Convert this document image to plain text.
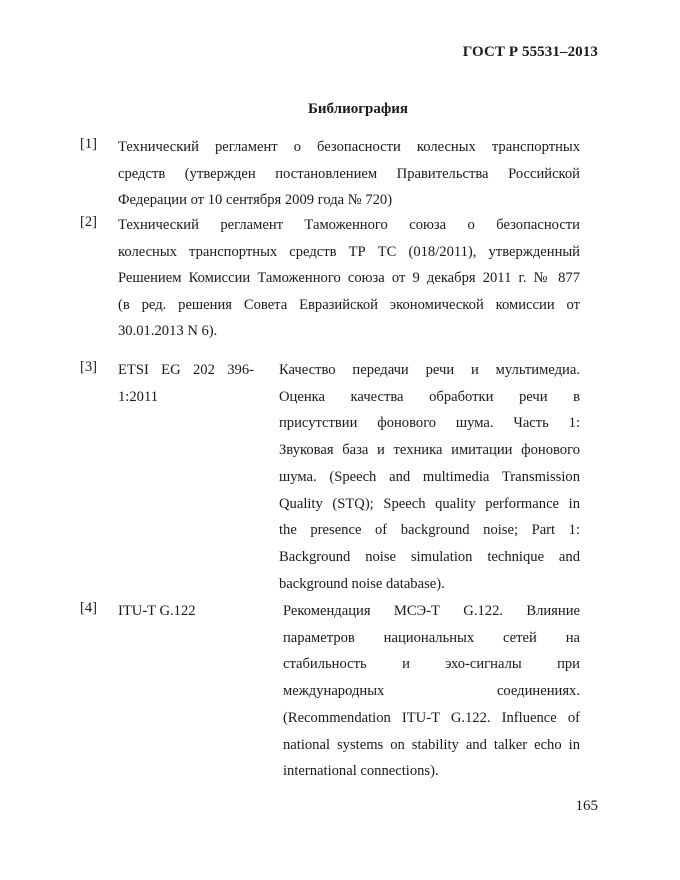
ГОСТ Р 55531–2013
Библиография
[1] Технический регламент о безопасности колесных транспортных
средств (утвержден постановлением Правительства Российской
Федерации от 10 сентября 2009 года № 720)
[2] Технический регламент Таможенного союза о безопасности
колесных транспортных средств ТР ТС (018/2011), утвержденный
Решением Комиссии Таможенного союза от 9 декабря 2011 г. № 877
(в ред. решения Совета Евразийской экономической комиссии от
30.01.2013 N 6).
[3] ETSI EG 202 396-
1:2011
Качество передачи речи и мультимедиа.
Оценка качества обработки речи в
присутствии фонового шума. Часть 1:
Звуковая база и техника имитации фонового
шума. (Speech and multimedia Transmission
Quality (STQ); Speech quality performance in
the presence of background noise; Part 1:
Background noise simulation technique and
background noise database).
[4] ITU-T G.122	Рекомендация МСЭ-Т G.122. Влияние
параметров национальных сетей на
стабильность и эхо-сигналы при
международных соединениях.
(Recommendation ITU-T G.122. Influence of
national systems on stability and talker echo in
international connections).
165
